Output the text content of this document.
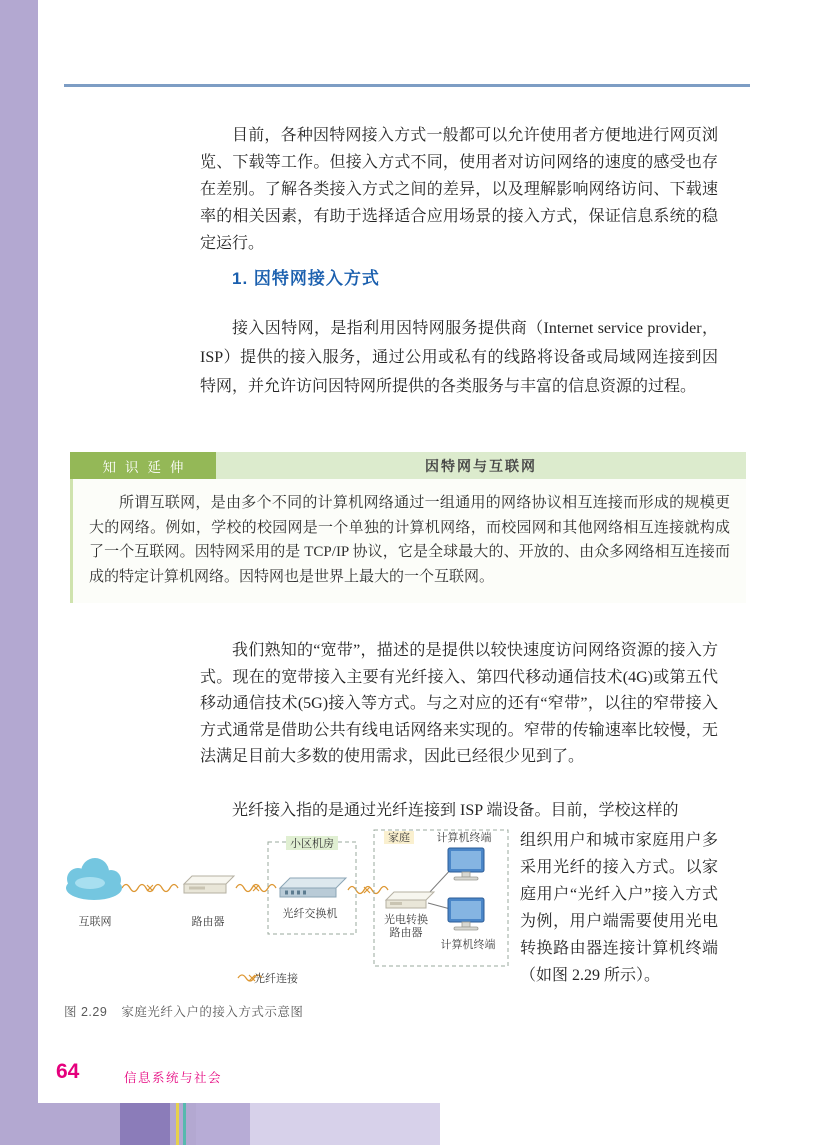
目前，各种因特网接入方式一般都可以允许使用者方便地进行网页浏览、下载等工作。但接入方式不同，使用者对访问网络的速度的感受也存在差别。了解各类接入方式之间的差异，以及理解影响网络访问、下载速率的相关因素，有助于选择适合应用场景的接入方式，保证信息系统的稳定运行。
1. 因特网接入方式
接入因特网，是指利用因特网服务提供商（Internet service provider，ISP）提供的接入服务，通过公用或私有的线路将设备或局域网连接到因特网，并允许访问因特网所提供的各类服务与丰富的信息资源的过程。
知识延伸	因特网与互联网
所谓互联网，是由多个不同的计算机网络通过一组通用的网络协议相互连接而形成的规模更大的网络。例如，学校的校园网是一个单独的计算机网络，而校园网和其他网络相互连接就构成了一个互联网。因特网采用的是 TCP/IP 协议，它是全球最大的、开放的、由众多网络相互连接而成的特定计算机网络。因特网也是世界上最大的一个互联网。
我们熟知的“宽带”，描述的是提供以较快速度访问网络资源的接入方式。现在的宽带接入主要有光纤接入、第四代移动通信技术(4G)或第五代移动通信技术(5G)接入等方式。与之对应的还有“窄带”，以往的窄带接入方式通常是借助公共有线电话网络来实现的。窄带的传输速率比较慢，无法满足目前大多数的使用需求，因此已经很少见到了。
光纤接入指的是通过光纤连接到 ISP 端设备。目前，学校这样的
组织用户和城市家庭用户多采用光纤的接入方式。以家庭用户“光纤入户”接入方式为例，用户端需要使用光电转换路由器连接计算机终端（如图 2.29 所示）。
互联网	路由器
小区机房
光纤交换机
家庭 计算机终端
光电转换
路由器
计算机终端
光纤连接
图 2.29 家庭光纤入户的接入方式示意图
64	信息系统与社会
